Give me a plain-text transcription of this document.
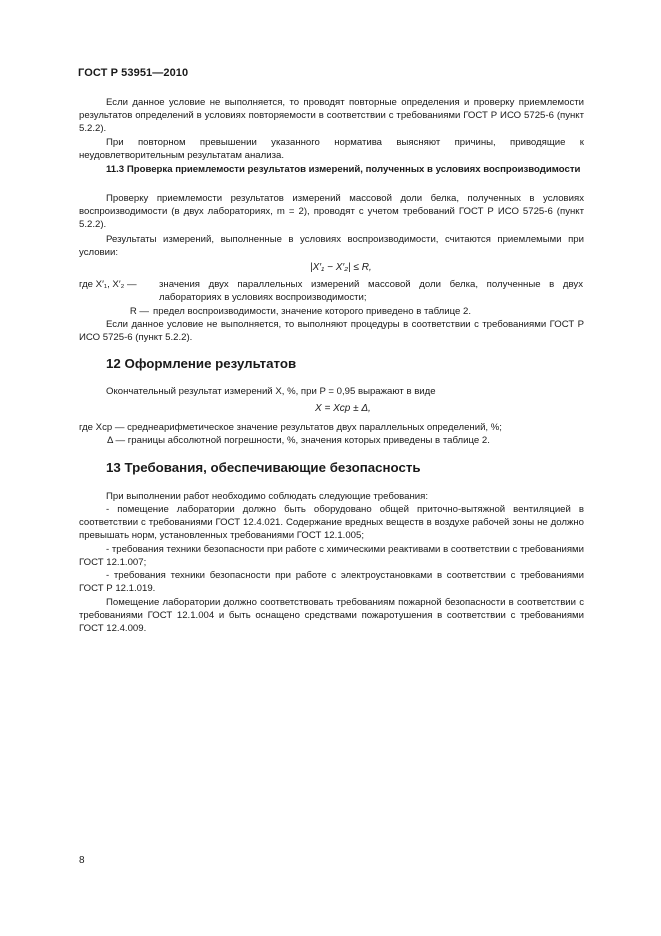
ГОСТ Р 53951—2010
Если данное условие не выполняется, то проводят повторные определения и проверку приемлемости результатов определений в условиях повторяемости в соответствии с требованиями ГОСТ Р ИСО 5725-6 (пункт 5.2.2).
При повторном превышении указанного норматива выясняют причины, приводящие к неудовлетворительным результатам анализа.
11.3 Проверка приемлемости результатов измерений, полученных в условиях воспроизводимости
Проверку приемлемости результатов измерений массовой доли белка, полученных в условиях воспроизводимости (в двух лабораториях, m = 2), проводят с учетом требований ГОСТ Р ИСО 5725-6 (пункт 5.2.2).
Результаты измерений, выполненные в условиях воспроизводимости, считаются приемлемыми при условии:
|X′₁ − X′₂| ≤ R,
где X′₁, X′₂ — значения двух параллельных измерений массовой доли белка, полученные в двух лабораториях в условиях воспроизводимости;
R — предел воспроизводимости, значение которого приведено в таблице 2.
Если данное условие не выполняется, то выполняют процедуры в соответствии с требованиями ГОСТ Р ИСО 5725-6 (пункт 5.2.2).
12 Оформление результатов
Окончательный результат измерений X, %, при P = 0,95 выражают в виде
X = Xср ± Δ,
где Xср — среднеарифметическое значение результатов двух параллельных определений, %;
Δ — границы абсолютной погрешности, %, значения которых приведены в таблице 2.
13 Требования, обеспечивающие безопасность
При выполнении работ необходимо соблюдать следующие требования:
- помещение лаборатории должно быть оборудовано общей приточно-вытяжной вентиляцией в соответствии с требованиями ГОСТ 12.4.021. Содержание вредных веществ в воздухе рабочей зоны не должно превышать норм, установленных требованиями ГОСТ 12.1.005;
- требования техники безопасности при работе с химическими реактивами в соответствии с требованиями ГОСТ 12.1.007;
- требования техники безопасности при работе с электроустановками в соответствии с требованиями ГОСТ Р 12.1.019.
Помещение лаборатории должно соответствовать требованиям пожарной безопасности в соответствии с требованиями ГОСТ 12.1.004 и быть оснащено средствами пожаротушения в соответствии с требованиями ГОСТ 12.4.009.
8
